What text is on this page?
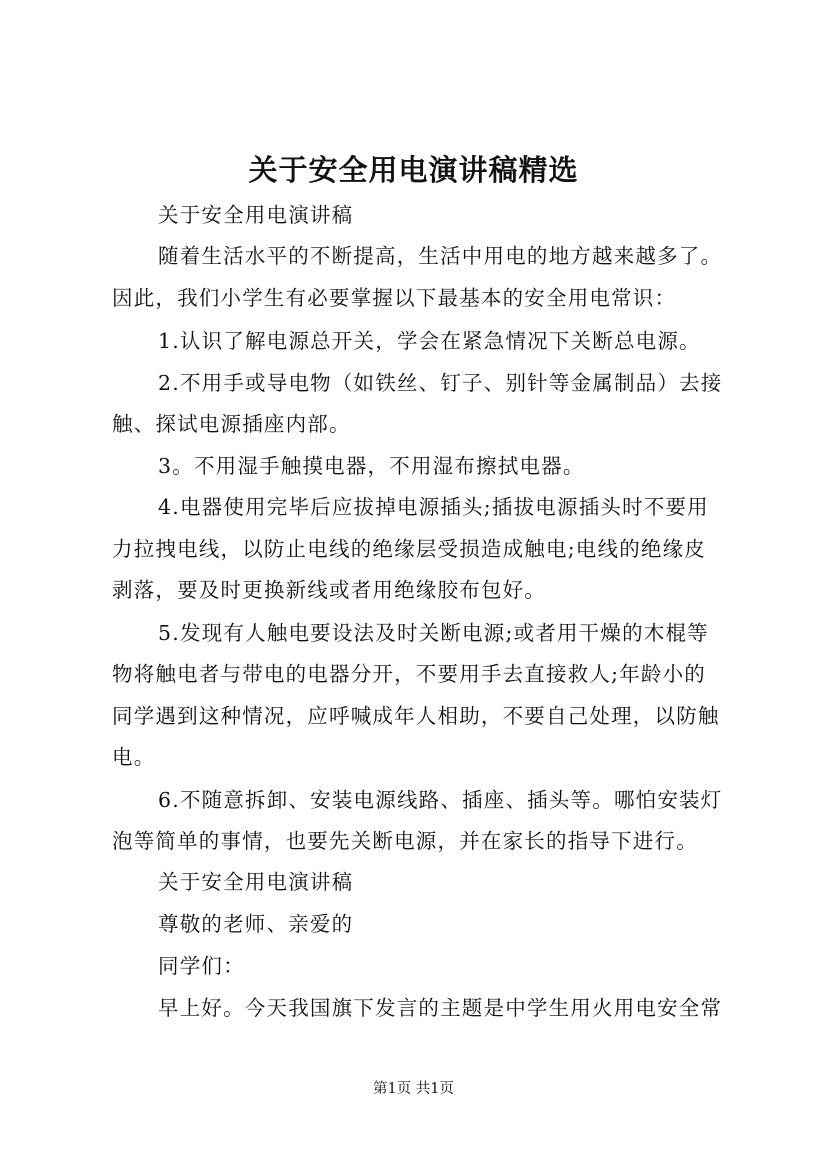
关于安全用电演讲稿精选

关于安全用电演讲稿

随着生活水平的不断提高，生活中用电的地方越来越多了。

因此，我们小学生有必要掌握以下最基本的安全用电常识：

1.认识了解电源总开关，学会在紧急情况下关断总电源。

2.不用手或导电物（如铁丝、钉子、别针等金属制品）去接

触、探试电源插座内部。

3。不用湿手触摸电器，不用湿布擦拭电器。

4.电器使用完毕后应拔掉电源插头;插拔电源插头时不要用

力拉拽电线，以防止电线的绝缘层受损造成触电;电线的绝缘皮

剥落，要及时更换新线或者用绝缘胶布包好。

5.发现有人触电要设法及时关断电源;或者用干燥的木棍等

物将触电者与带电的电器分开，不要用手去直接救人;年龄小的

同学遇到这种情况，应呼喊成年人相助，不要自己处理，以防触

电。

6.不随意拆卸、安装电源线路、插座、插头等。哪怕安装灯

泡等简单的事情，也要先关断电源，并在家长的指导下进行。

关于安全用电演讲稿

尊敬的老师、亲爱的

同学们：

早上好。今天我国旗下发言的主题是中学生用火用电安全常

第1页 共1页
